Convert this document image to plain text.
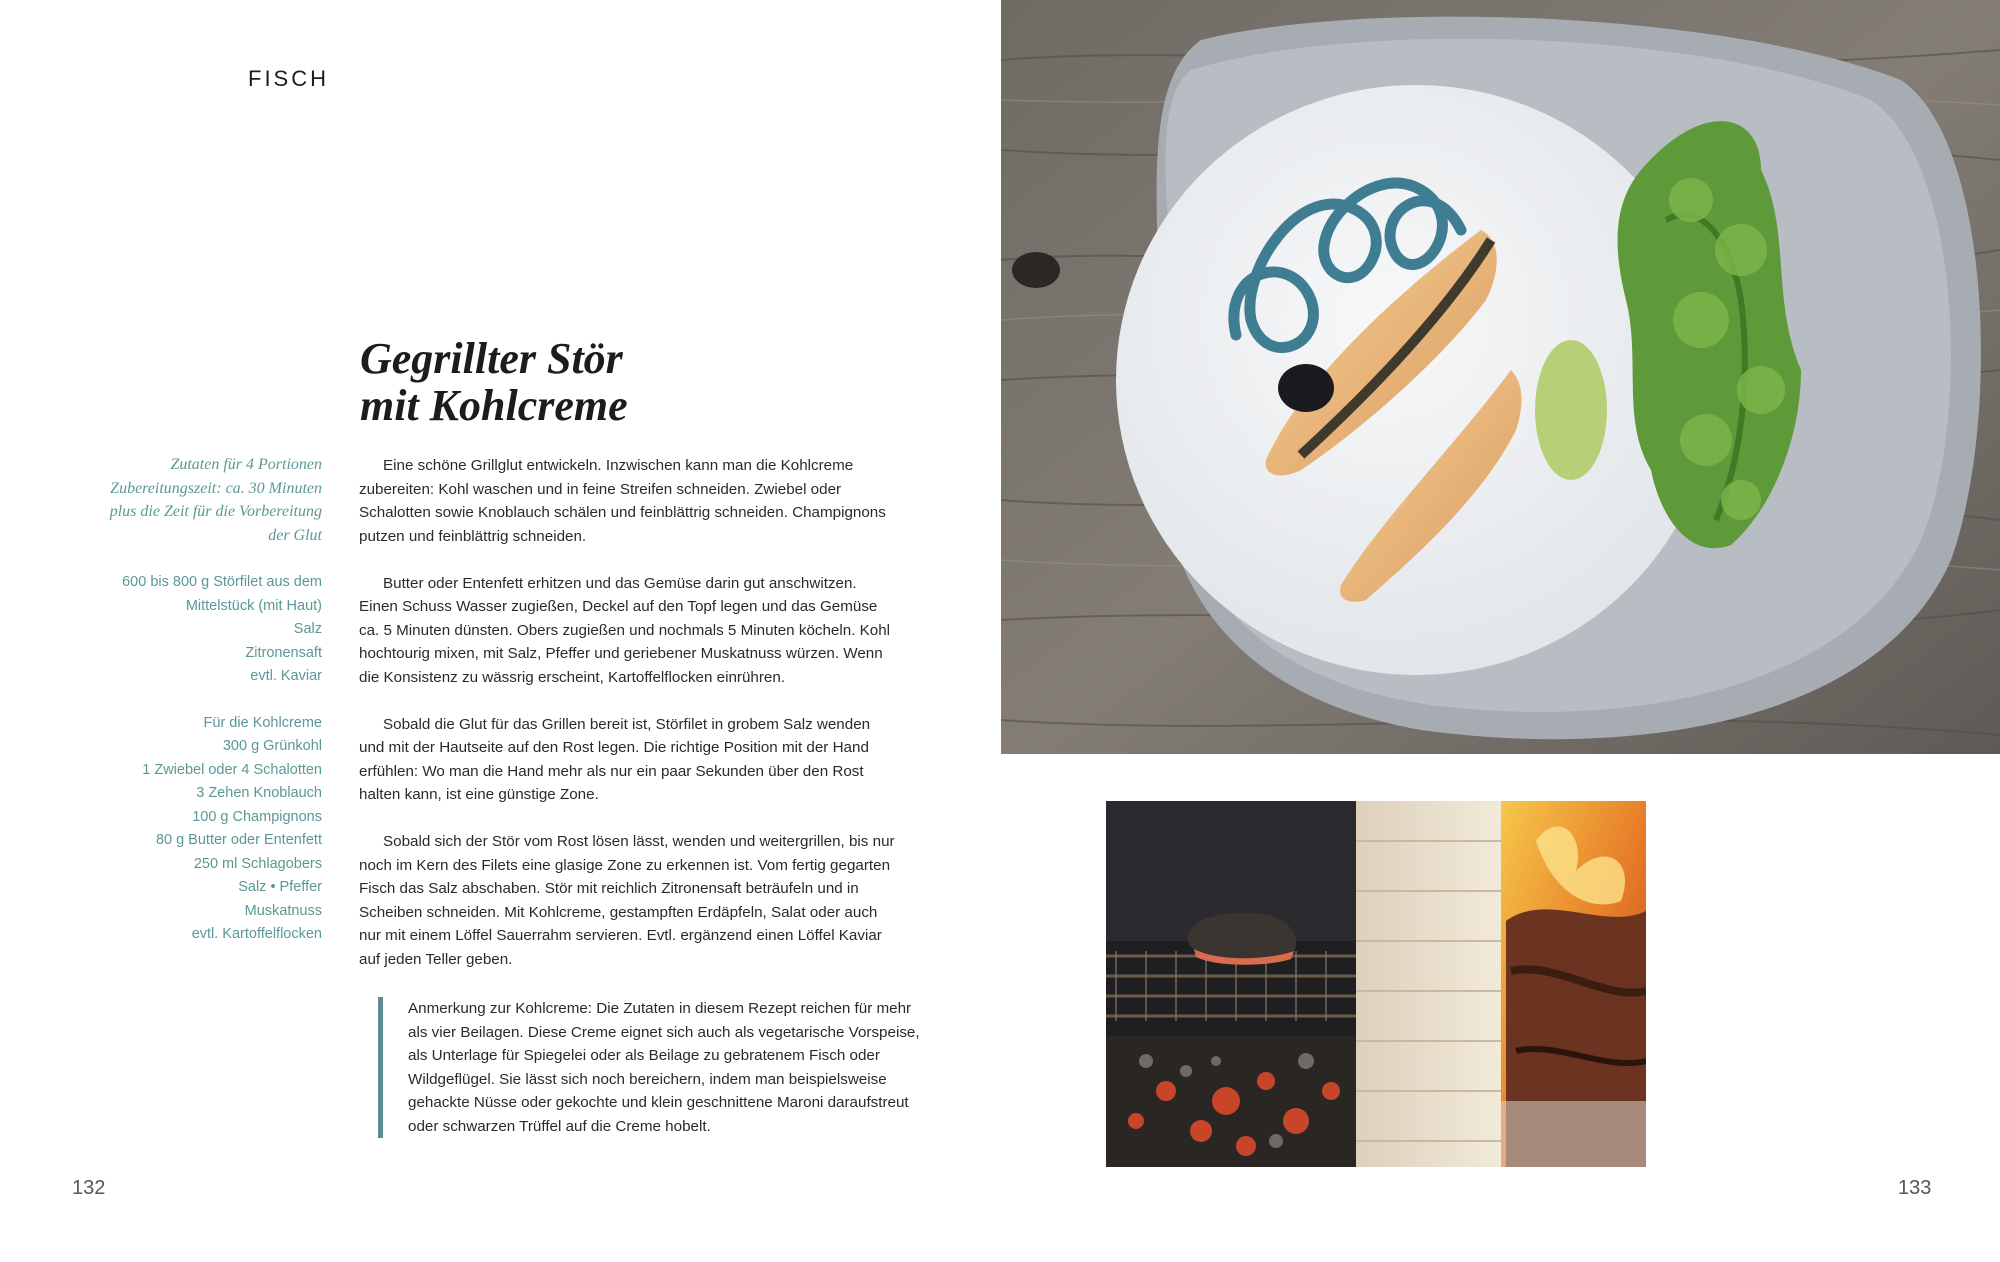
FISCH
Gegrillter Stör
mit Kohlcreme
Zutaten für 4 Portionen
Zubereitungszeit: ca. 30 Minuten
plus die Zeit für die Vorbereitung
der Glut
600 bis 800 g Störfilet aus dem
Mittelstück (mit Haut)
Salz
Zitronensaft
evtl. Kaviar
Für die Kohlcreme
300 g Grünkohl
1 Zwiebel oder 4 Schalotten
3 Zehen Knoblauch
100 g Champignons
80 g Butter oder Entenfett
250 ml Schlagobers
Salz • Pfeffer
Muskatnuss
evtl. Kartoffelflocken

Eine schöne Grillglut entwickeln. Inzwischen kann man die Kohlcreme zubereiten: Kohl waschen und in feine Streifen schneiden. Zwiebel oder Schalotten sowie Knoblauch schälen und feinblättrig schneiden. Champignons putzen und feinblättrig schneiden.

Butter oder Entenfett erhitzen und das Gemüse darin gut anschwitzen. Einen Schuss Wasser zugießen, Deckel auf den Topf legen und das Gemüse ca. 5 Minuten dünsten. Obers zugießen und nochmals 5 Minuten köcheln. Kohl hochtourig mixen, mit Salz, Pfeffer und geriebener Muskatnuss würzen. Wenn die Konsistenz zu wässrig erscheint, Kartoffelflocken einrühren.

Sobald die Glut für das Grillen bereit ist, Störfilet in grobem Salz wenden und mit der Hautseite auf den Rost legen. Die richtige Position mit der Hand erfühlen: Wo man die Hand mehr als nur ein paar Sekunden über den Rost halten kann, ist eine günstige Zone.

Sobald sich der Stör vom Rost lösen lässt, wenden und weitergrillen, bis nur noch im Kern des Filets eine glasige Zone zu erkennen ist. Vom fertig gegarten Fisch das Salz abschaben. Stör mit reichlich Zitronensaft beträufeln und in Scheiben schneiden. Mit Kohlcreme, gestampften Erdäpfeln, Salat oder auch nur mit einem Löffel Sauerrahm servieren. Evtl. ergänzend einen Löffel Kaviar auf jeden Teller geben.

Anmerkung zur Kohlcreme: Die Zutaten in diesem Rezept reichen für mehr als vier Beilagen. Diese Creme eignet sich auch als vegetarische Vorspeise, als Unterlage für Spiegelei oder als Beilage zu gebratenem Fisch oder Wildgeflügel. Sie lässt sich noch bereichern, indem man beispielsweise gehackte Nüsse oder gekochte und klein geschnittene Maroni daraufstreut oder schwarzen Trüffel auf die Creme hobelt.
132	133
